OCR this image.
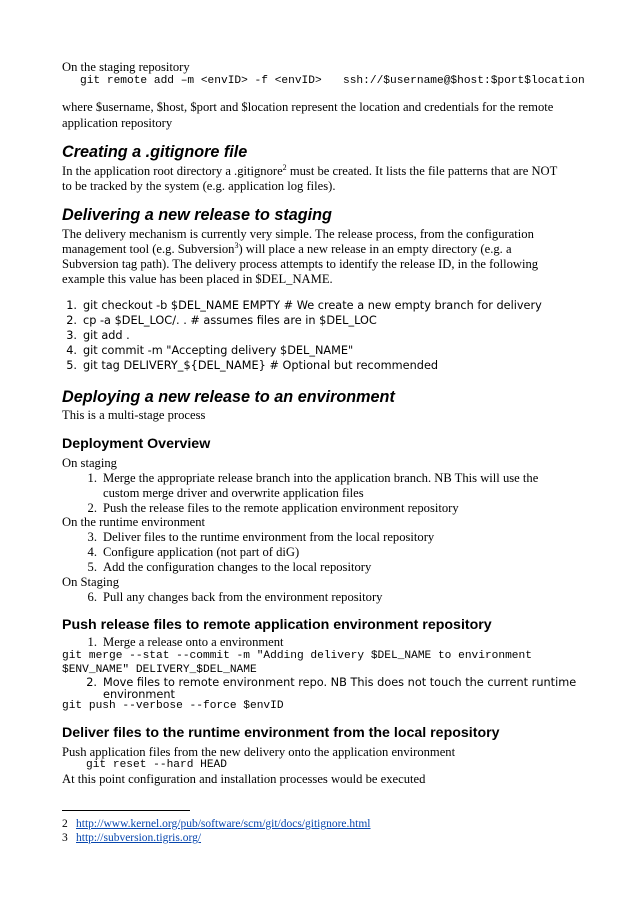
On the staging repository
git remote add –m <envID> -f <envID> ssh://$username@$host:$port$location
where $username, $host, $port and $location represent the location and credentials for the remote
application repository
Creating a .gitignore file
In the application root directory a .gitignore$^2$ must be created. It lists the file patterns that are NOT
to be tracked by the system (e.g. application log files).
Delivering a new release to staging
The delivery mechanism is currently very simple. The release process, from the configuration
management tool (e.g. Subversion$^3$) will place a new release in an empty directory (e.g. a
Subversion tag path). The delivery process attempts to identify the release ID, in the following
example this value has been placed in $DEL_NAME.
1. git checkout -b $DEL_NAME EMPTY # We create a new empty branch for delivery
2. cp -a $DEL_LOC/. . # assumes files are in $DEL_LOC
3. git add .
4. git commit -m "Accepting delivery $DEL_NAME"
5. git tag DELIVERY_${DEL_NAME} # Optional but recommended
Deploying a new release to an environment
This is a multi-stage process
Deployment Overview
On staging
1. Merge the appropriate release branch into the application branch. NB This will use the
custom merge driver and overwrite application files
2. Push the release files to the remote application environment repository
On the runtime environment
3. Deliver files to the runtime environment from the local repository
4. Configure application (not part of diG)
5. Add the configuration changes to the local repository
On Staging
6. Pull any changes back from the environment repository
Push release files to remote application environment repository
1. Merge a release onto a environment
git merge --stat --commit -m "Adding delivery $DEL_NAME to environment
$ENV_NAME" DELIVERY_$DEL_NAME
2. Move files to remote environment repo. NB This does not touch the current runtime
environment
git push --verbose --force $envID
Deliver files to the runtime environment from the local repository
Push application files from the new delivery onto the application environment
git reset --hard HEAD
At this point configuration and installation processes would be executed
2 http://www.kernel.org/pub/software/scm/git/docs/gitignore.html
3 http://subversion.tigris.org/
